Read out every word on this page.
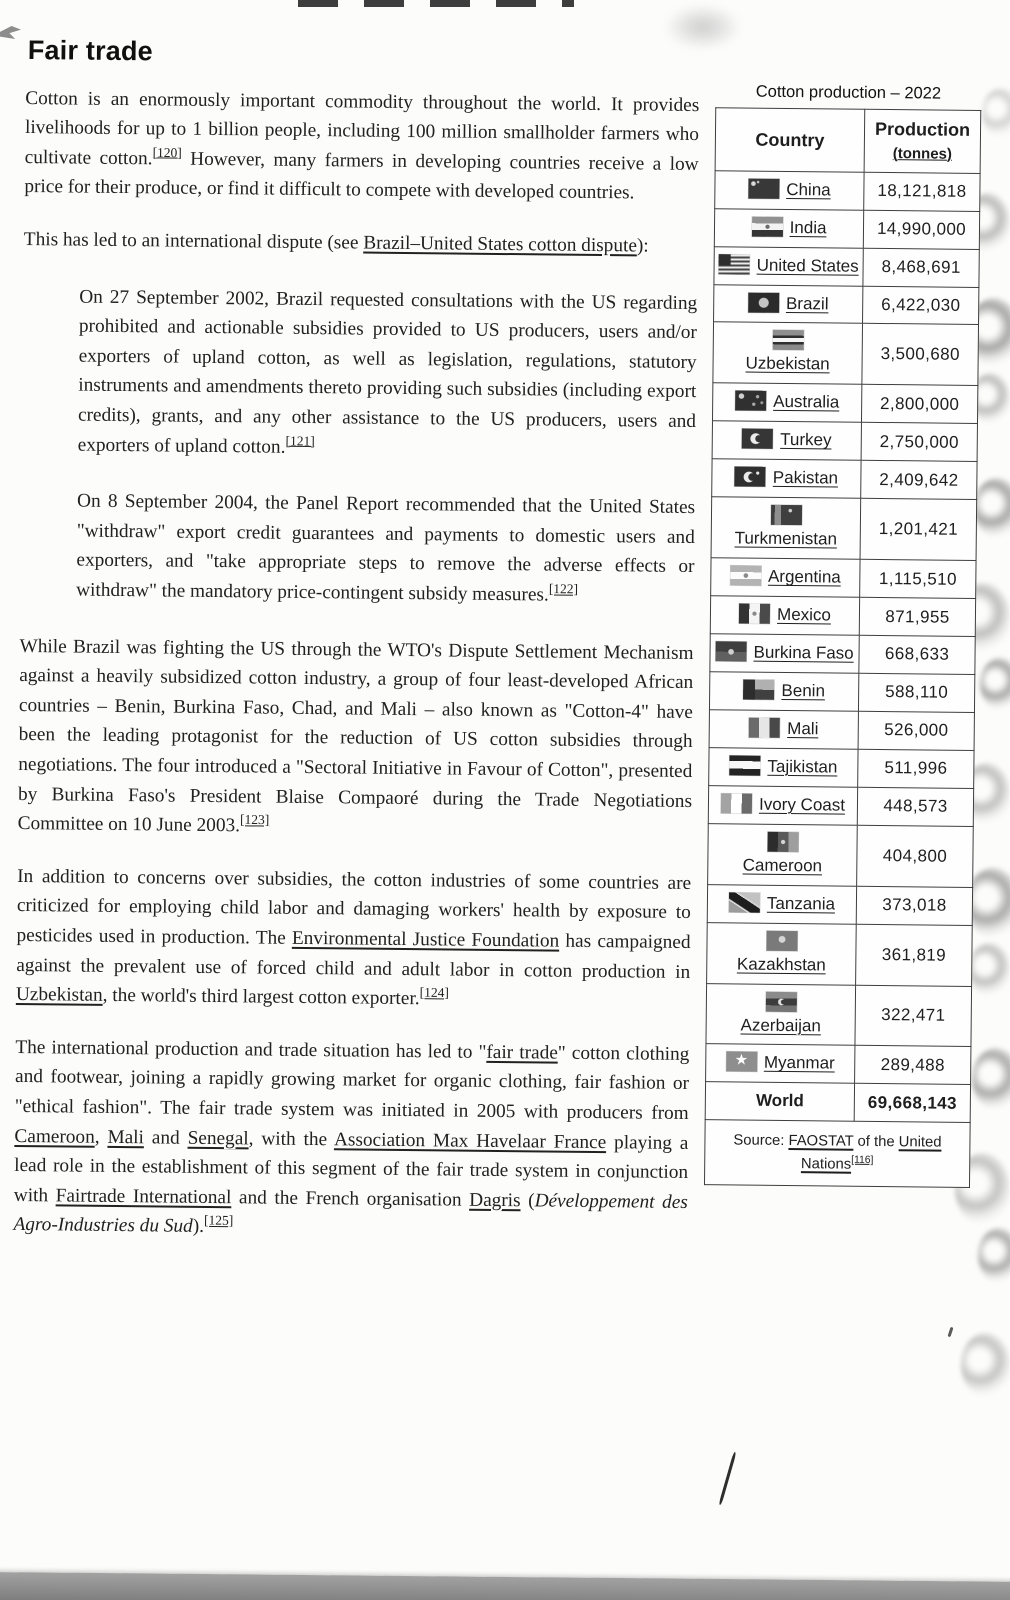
Cotton production – 2022
Country	Production
(tonnes)
China	18,121,818
India	14,990,000
United States	8,468,691
Brazil	6,422,030

Uzbekistan	3,500,680
Australia	2,800,000
Turkey	2,750,000
Pakistan	2,409,642

Turkmenistan	1,201,421
Argentina	1,115,510
Mexico	871,955
Burkina Faso	668,633
Benin	588,110
Mali	526,000
Tajikistan	511,996
Ivory Coast	448,573

Cameroon	404,800
Tanzania	373,018

Kazakhstan	361,819

Azerbaijan	322,471
★Myanmar	289,488
World	69,668,143
Source: FAOSTAT of the United Nations[116]
Fair trade

Cotton is an enormously important commodity throughout the world. It provides livelihoods for up to 1 billion people, including 100 million smallholder farmers who cultivate cotton.[120] However, many farmers in developing countries receive a low price for their produce, or find it difficult to compete with developed countries.

This has led to an international dispute (see Brazil–United States cotton dispute):

On 27 September 2002, Brazil requested consultations with the US regarding prohibited and actionable subsidies provided to US producers, users and/or exporters of upland cotton, as well as legislation, regulations, statutory instruments and amendments thereto providing such subsidies (including export credits), grants, and any other assistance to the US producers, users and exporters of upland cotton.[121]
On 8 September 2004, the Panel Report recommended that the United States "withdraw" export credit guarantees and payments to domestic users and exporters, and "take appropriate steps to remove the adverse effects or withdraw" the mandatory price-contingent subsidy measures.[122]

While Brazil was fighting the US through the WTO's Dispute Settlement Mechanism against a heavily subsidized cotton industry, a group of four least-developed African countries – Benin, Burkina Faso, Chad, and Mali – also known as "Cotton-4" have been the leading protagonist for the reduction of US cotton subsidies through negotiations. The four introduced a "Sectoral Initiative in Favour of Cotton", presented by Burkina Faso's President Blaise Compaoré during the Trade Negotiations Committee on 10 June 2003.[123]

In addition to concerns over subsidies, the cotton industries of some countries are criticized for employing child labor and damaging workers' health by exposure to pesticides used in production. The Environmental Justice Foundation has campaigned against the prevalent use of forced child and adult labor in cotton production in Uzbekistan, the world's third largest cotton exporter.[124]

The international production and trade situation has led to "fair trade" cotton clothing and footwear, joining a rapidly growing market for organic clothing, fair fashion or "ethical fashion". The fair trade system was initiated in 2005 with producers from Cameroon, Mali and Senegal, with the Association Max Havelaar France playing a lead role in the establishment of this segment of the fair trade system in conjunction with Fairtrade International and the French organisation Dagris (Développement des Agro-Industries du Sud).[125]
